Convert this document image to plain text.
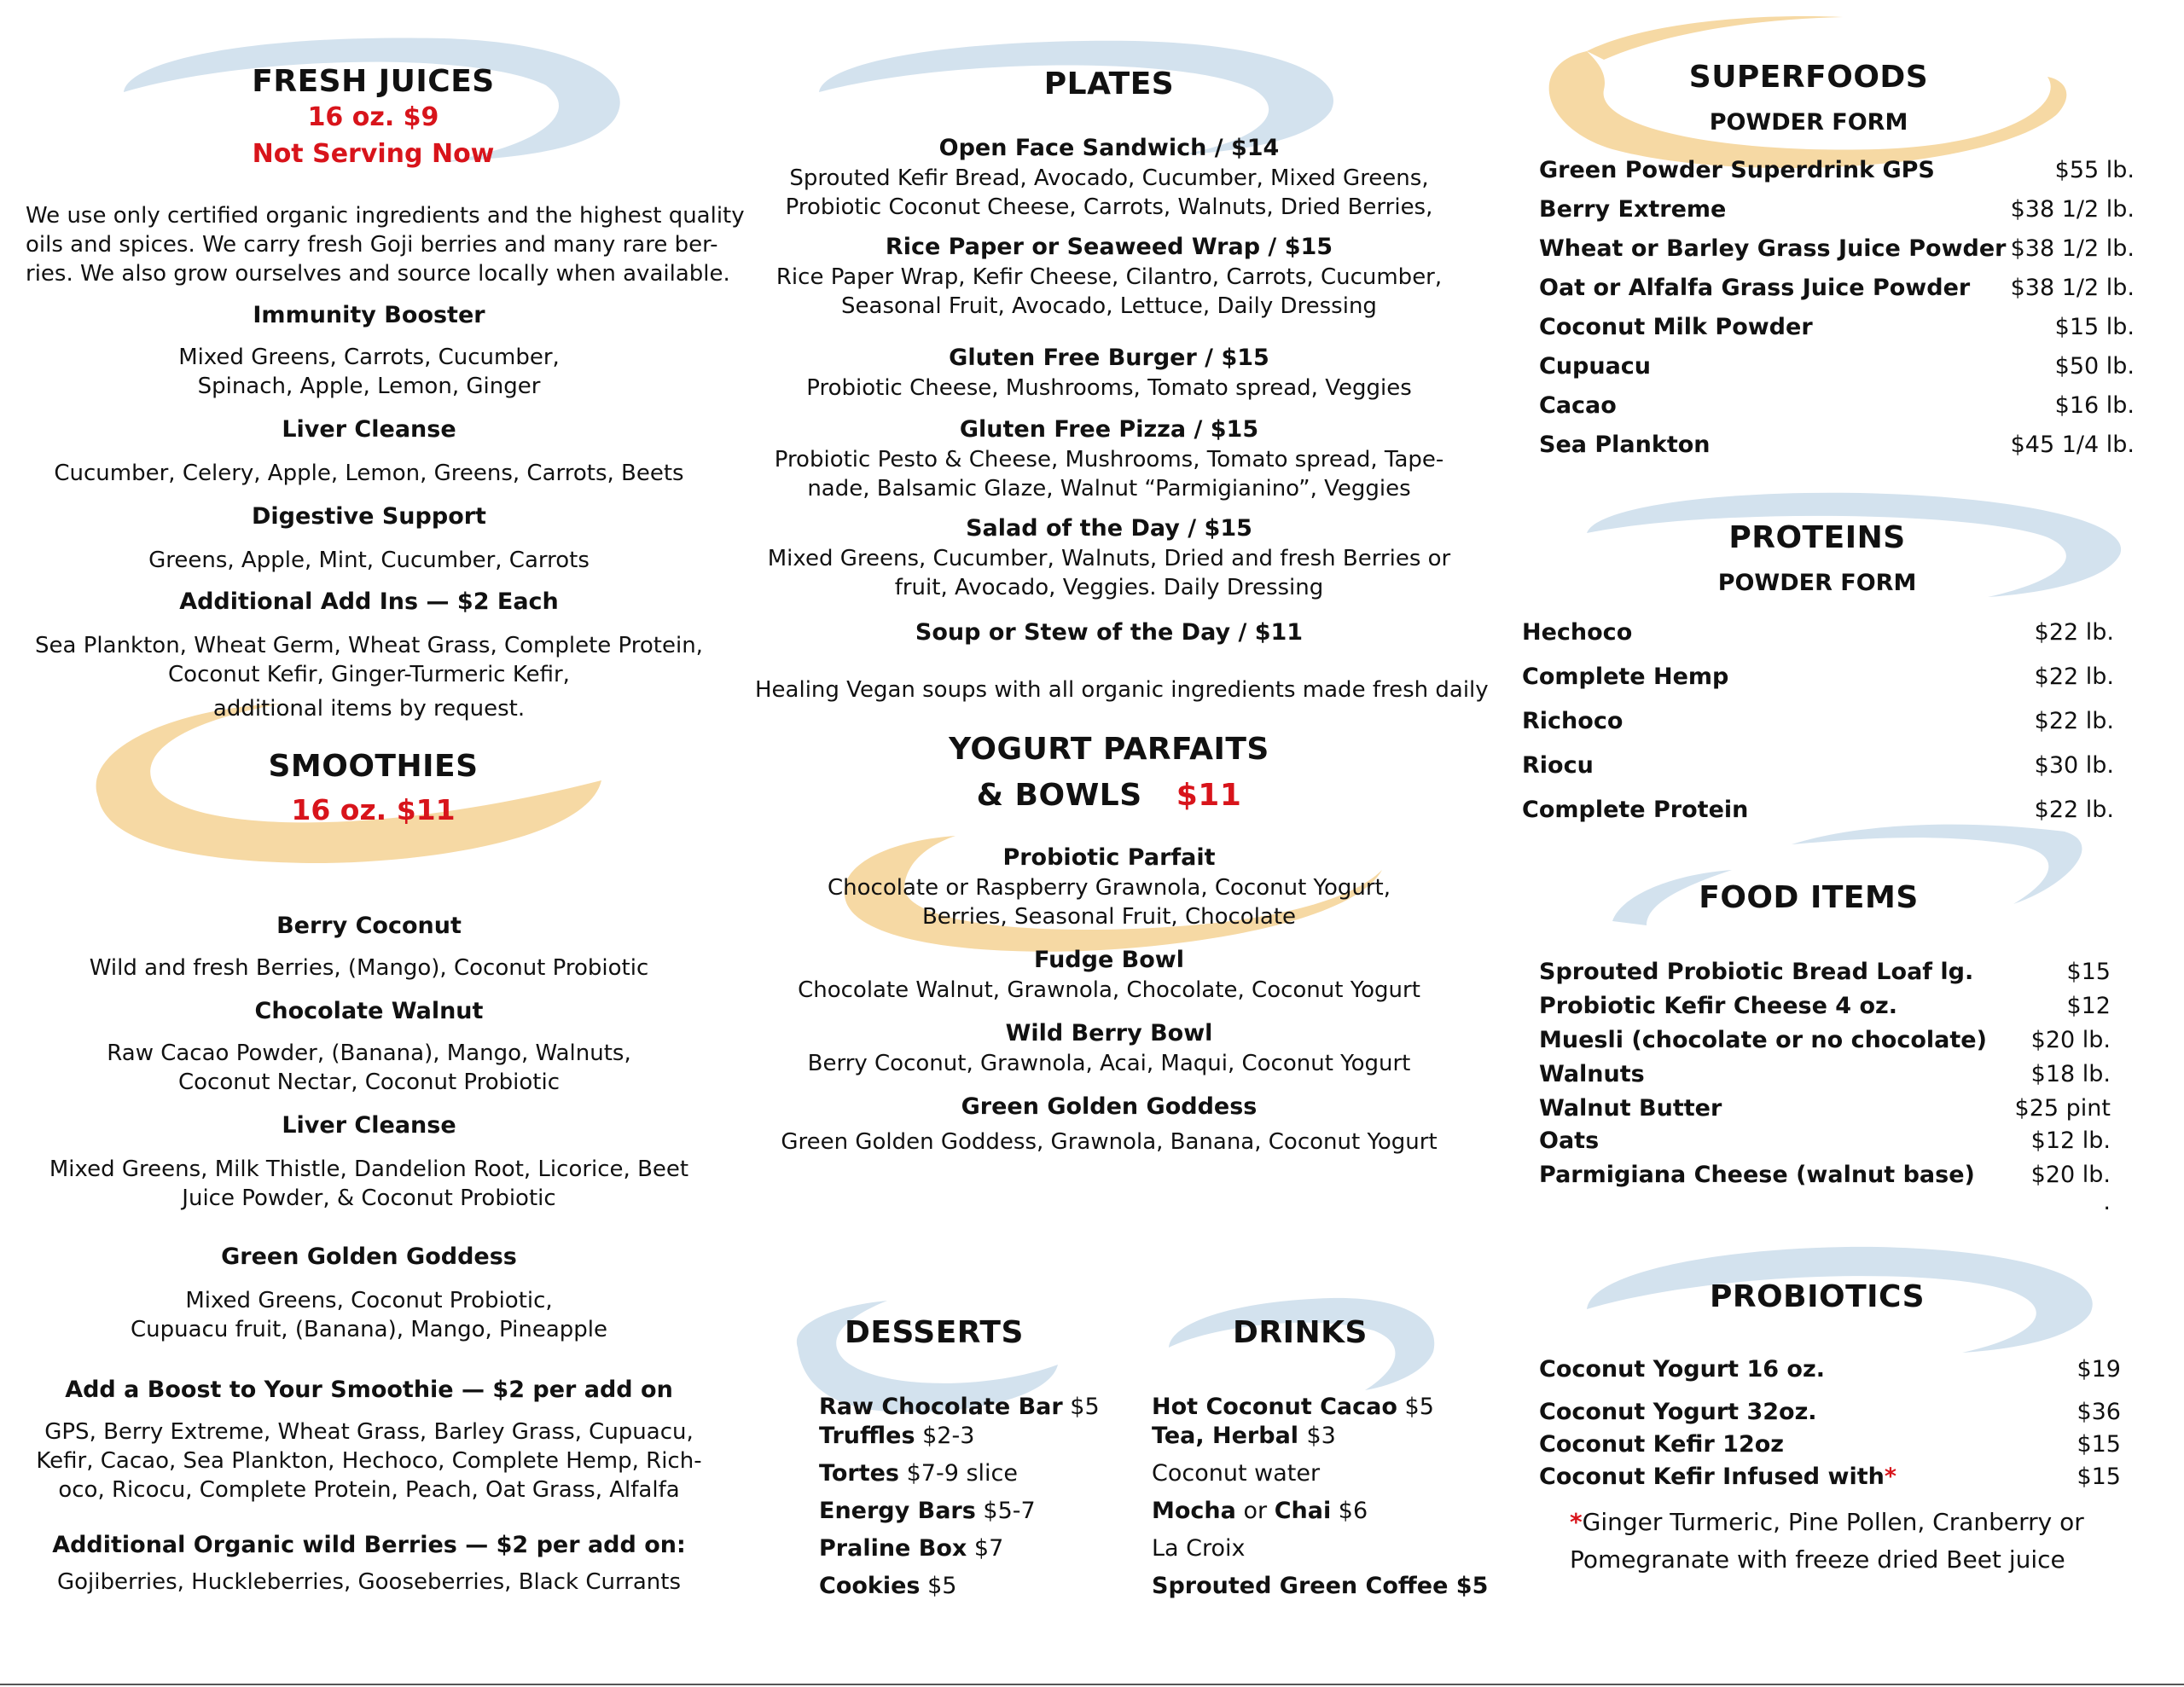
FRESH JUICES
16 oz. $9
Not Serving Now
We use only certified organic ingredients and the highest quality
oils and spices. We carry fresh Goji berries and many rare ber-
ries. We also grow ourselves and source locally when available.
Immunity Booster
Mixed Greens, Carrots, Cucumber,
Spinach, Apple, Lemon, Ginger
Liver Cleanse
Cucumber, Celery, Apple, Lemon, Greens, Carrots, Beets
Digestive Support
Greens, Apple, Mint, Cucumber, Carrots
Additional Add Ins — $2 Each
Sea Plankton, Wheat Germ, Wheat Grass, Complete Protein,
Coconut Kefir, Ginger-Turmeric Kefir,
additional items by request.
SMOOTHIES
16 oz. $11
Berry Coconut
Wild and fresh Berries, (Mango), Coconut Probiotic
Chocolate Walnut
Raw Cacao Powder, (Banana), Mango, Walnuts,
Coconut Nectar, Coconut Probiotic
Liver Cleanse
Mixed Greens, Milk Thistle, Dandelion Root, Licorice, Beet
Juice Powder, & Coconut Probiotic
Green Golden Goddess
Mixed Greens, Coconut Probiotic,
Cupuacu fruit, (Banana), Mango, Pineapple
Add a Boost to Your Smoothie — $2 per add on
GPS, Berry Extreme, Wheat Grass, Barley Grass, Cupuacu,
Kefir, Cacao, Sea Plankton, Hechoco, Complete Hemp, Rich-
oco, Ricocu, Complete Protein, Peach, Oat Grass, Alfalfa
Additional Organic wild Berries — $2 per add on:
Gojiberries, Huckleberries, Gooseberries, Black Currants
PLATES
Open Face Sandwich / $14
Sprouted Kefir Bread, Avocado, Cucumber, Mixed Greens,
Probiotic Coconut Cheese, Carrots, Walnuts, Dried Berries,
Rice Paper or Seaweed Wrap / $15
Rice Paper Wrap, Kefir Cheese, Cilantro, Carrots, Cucumber,
Seasonal Fruit, Avocado, Lettuce, Daily Dressing
Gluten Free Burger / $15
Probiotic Cheese, Mushrooms, Tomato spread, Veggies
Gluten Free Pizza / $15
Probiotic Pesto & Cheese, Mushrooms, Tomato spread, Tape-
nade, Balsamic Glaze, Walnut “Parmigianino”, Veggies
Salad of the Day / $15
Mixed Greens, Cucumber, Walnuts, Dried and fresh Berries or
fruit, Avocado, Veggies. Daily Dressing
Soup or Stew of the Day / $11
Healing Vegan soups with all organic ingredients made fresh daily
YOGURT PARFAITS
& BOWLS $11
Probiotic Parfait
Chocolate or Raspberry Grawnola, Coconut Yogurt,
Berries, Seasonal Fruit, Chocolate
Fudge Bowl
Chocolate Walnut, Grawnola, Chocolate, Coconut Yogurt
Wild Berry Bowl
Berry Coconut, Grawnola, Acai, Maqui, Coconut Yogurt
Green Golden Goddess
Green Golden Goddess, Grawnola, Banana, Coconut Yogurt
DESSERTS
Raw Chocolate Bar $5
Truffles $2-3
Tortes $7-9 slice
Energy Bars $5-7
Praline Box $7
Cookies $5
DRINKS
Hot Coconut Cacao $5
Tea, Herbal $3
Coconut water
Mocha or Chai $6
La Croix
Sprouted Green Coffee $5
SUPERFOODS
POWDER FORM
Green Powder Superdrink GPS	$55 lb.
Berry Extreme	$38 1/2 lb.
Wheat or Barley Grass Juice Powder $38 1/2 lb.
Oat or Alfalfa Grass Juice Powder	$38 1/2 lb.
Coconut Milk Powder	$15 lb.
Cupuacu	$50 lb.
Cacao	$16 lb.
Sea Plankton	$45 1/4 lb.
PROTEINS
POWDER FORM
Hechoco	$22 lb.
Complete Hemp	$22 lb.
Richoco	$22 lb.
Riocu	$30 lb.
Complete Protein	$22 lb.
FOOD ITEMS
Sprouted Probiotic Bread Loaf lg.	$15
Probiotic Kefir Cheese 4 oz.	$12
Muesli (chocolate or no chocolate)	$20 lb.
Walnuts	$18 lb.
Walnut Butter	$25 pint
Oats	$12 lb.
Parmigiana Cheese (walnut base)	$20 lb.
.
PROBIOTICS
Coconut Yogurt 16 oz.	$19
Coconut Yogurt 32oz.	$36
Coconut Kefir 12oz	$15
Coconut Kefir Infused with*	$15
*Ginger Turmeric, Pine Pollen, Cranberry or
Pomegranate with freeze dried Beet juice
